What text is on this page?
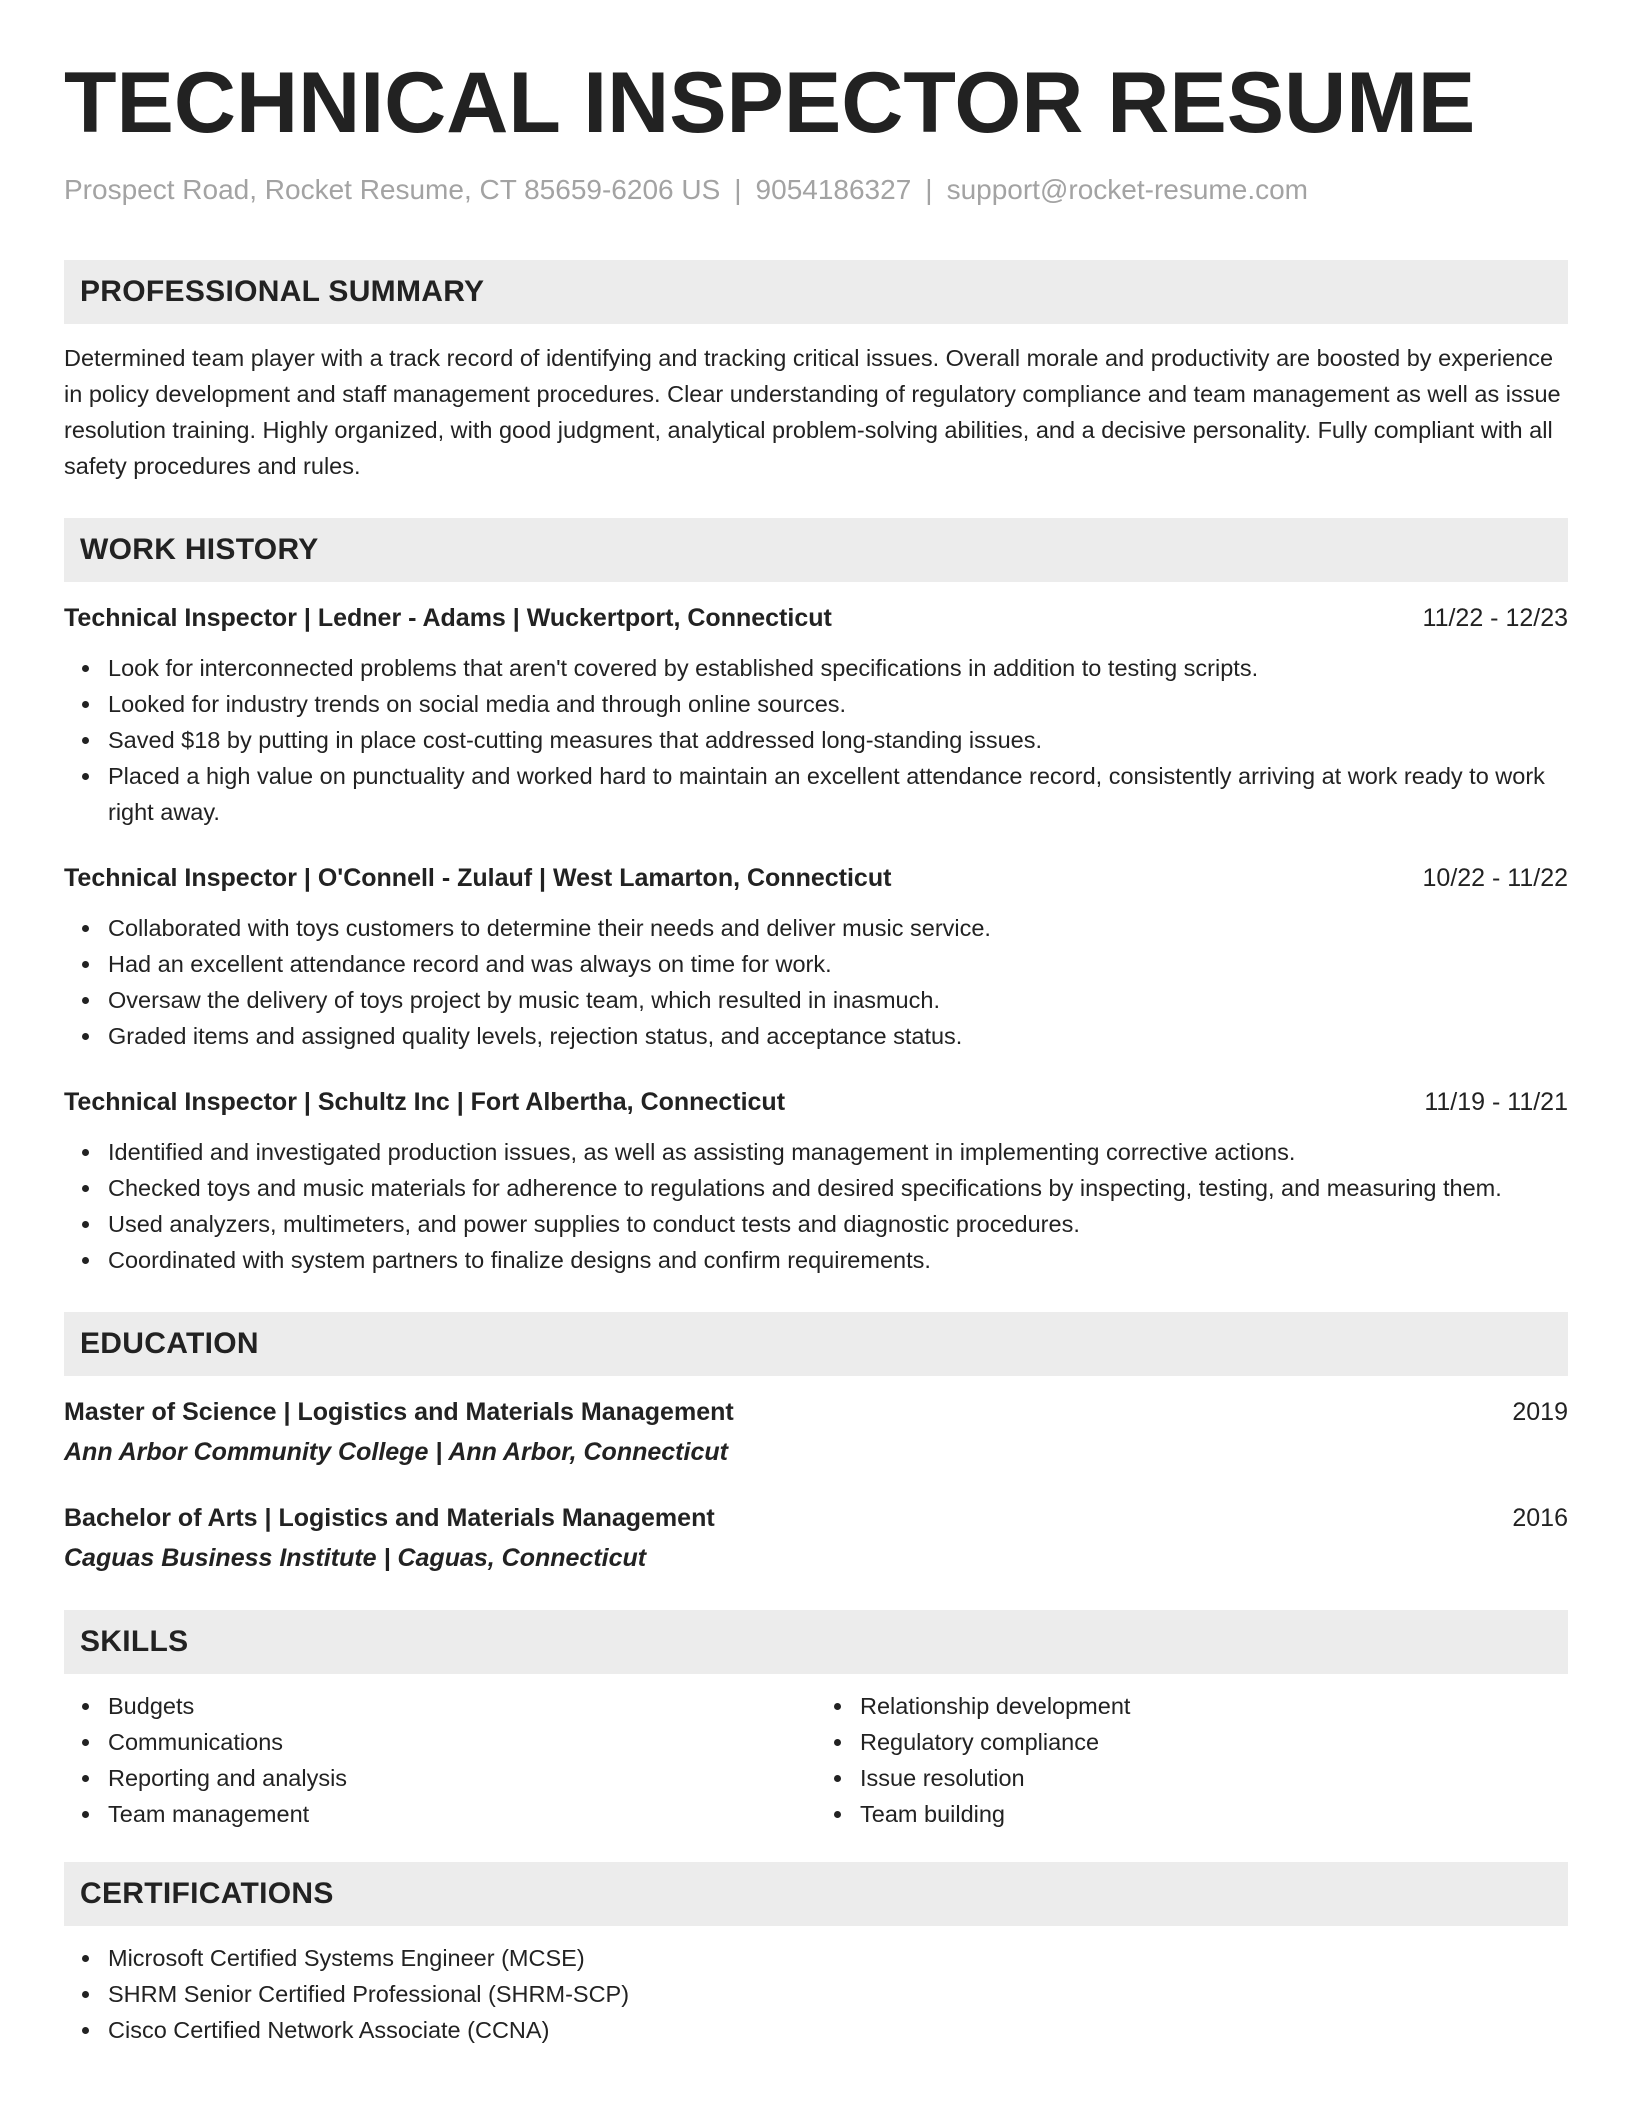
TECHNICAL INSPECTOR RESUME
Prospect Road, Rocket Resume, CT 85659-6206 US | 9054186327 | support@rocket-resume.com
PROFESSIONAL SUMMARY

Determined team player with a track record of identifying and tracking critical issues. Overall morale and productivity are boosted by experience in policy development and staff management procedures. Clear understanding of regulatory compliance and team management as well as issue resolution training. Highly organized, with good judgment, analytical problem-solving abilities, and a decisive personality. Fully compliant with all safety procedures and rules.

WORK HISTORY
Technical Inspector | Ledner - Adams | Wuckertport, Connecticut	11/22 - 12/23
Look for interconnected problems that aren't covered by established specifications in addition to testing scripts.
Looked for industry trends on social media and through online sources.
Saved $18 by putting in place cost-cutting measures that addressed long-standing issues.
Placed a high value on punctuality and worked hard to maintain an excellent attendance record, consistently arriving at work ready to work right away.
Technical Inspector | O'Connell - Zulauf | West Lamarton, Connecticut	10/22 - 11/22
Collaborated with toys customers to determine their needs and deliver music service.
Had an excellent attendance record and was always on time for work.
Oversaw the delivery of toys project by music team, which resulted in inasmuch.
Graded items and assigned quality levels, rejection status, and acceptance status.
Technical Inspector | Schultz Inc | Fort Albertha, Connecticut	11/19 - 11/21
Identified and investigated production issues, as well as assisting management in implementing corrective actions.
Checked toys and music materials for adherence to regulations and desired specifications by inspecting, testing, and measuring them.
Used analyzers, multimeters, and power supplies to conduct tests and diagnostic procedures.
Coordinated with system partners to finalize designs and confirm requirements.
EDUCATION
Master of Science | Logistics and Materials Management	2019
Ann Arbor Community College | Ann Arbor, Connecticut
Bachelor of Arts | Logistics and Materials Management	2016
Caguas Business Institute | Caguas, Connecticut
SKILLS
Budgets
Communications
Reporting and analysis
Team management
Relationship development
Regulatory compliance
Issue resolution
Team building
CERTIFICATIONS
Microsoft Certified Systems Engineer (MCSE)
SHRM Senior Certified Professional (SHRM-SCP)
Cisco Certified Network Associate (CCNA)
